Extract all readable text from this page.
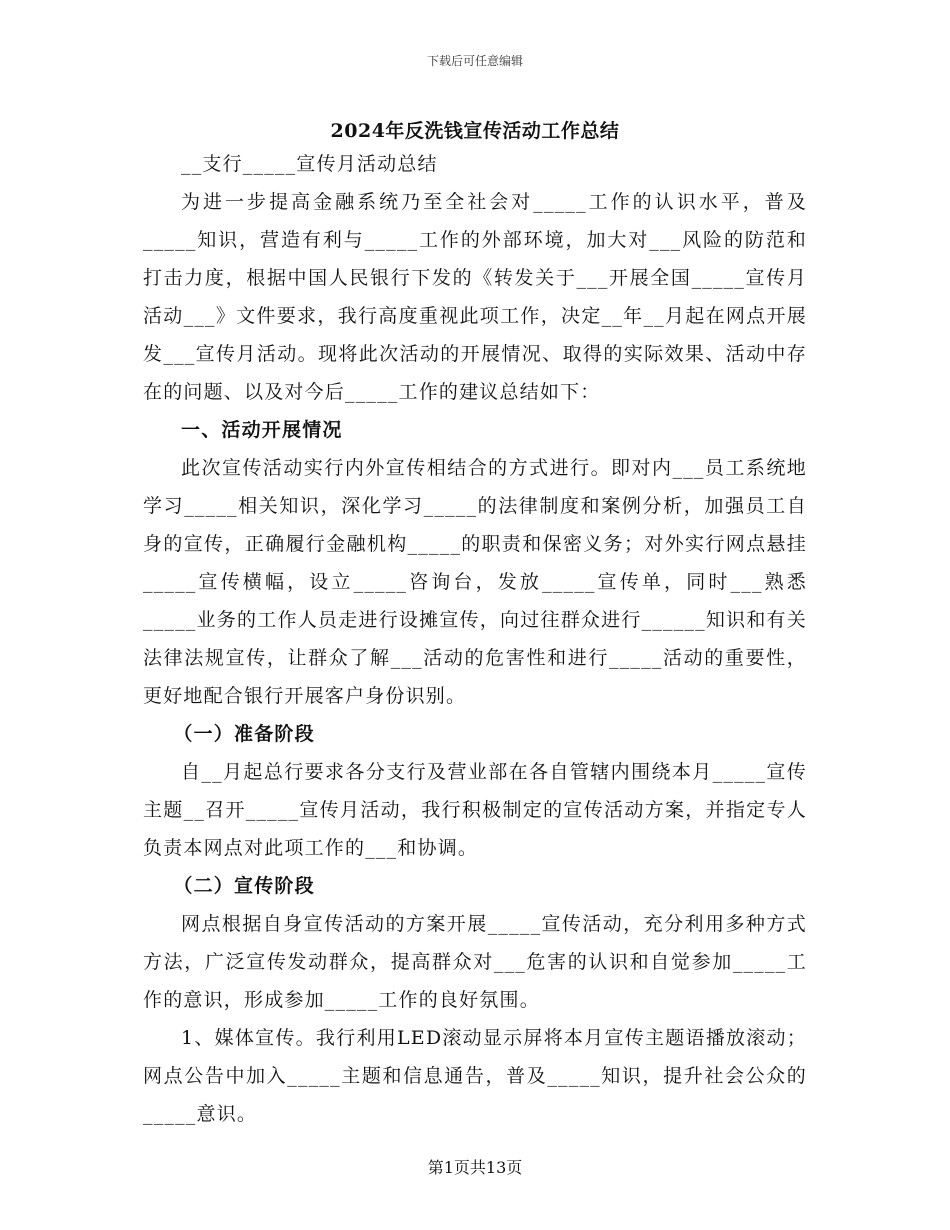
下载后可任意编辑
2024年反洗钱宣传活动工作总结

__支行_____宣传月活动总结

为进一步提高金融系统乃至全社会对_____工作的认识水平，普及_____知识，营造有利与_____工作的外部环境，加大对___风险的防范和打击力度，根据中国人民银行下发的《转发关于___开展全国_____宣传月活动___》文件要求，我行高度重视此项工作，决定__年__月起在网点开展发___宣传月活动。现将此次活动的开展情况、取得的实际效果、活动中存在的问题、以及对今后_____工作的建议总结如下：

一、活动开展情况

此次宣传活动实行内外宣传相结合的方式进行。即对内___员工系统地学习_____相关知识，深化学习_____的法律制度和案例分析，加强员工自身的宣传，正确履行金融机构_____的职责和保密义务；对外实行网点悬挂_____宣传横幅，设立_____咨询台，发放_____宣传单，同时___熟悉_____业务的工作人员走进行设摊宣传，向过往群众进行______知识和有关法律法规宣传，让群众了解___活动的危害性和进行_____活动的重要性，更好地配合银行开展客户身份识别。

（一）准备阶段

自__月起总行要求各分支行及营业部在各自管辖内围绕本月_____宣传主题__召开_____宣传月活动，我行积极制定的宣传活动方案，并指定专人负责本网点对此项工作的___和协调。

（二）宣传阶段

网点根据自身宣传活动的方案开展_____宣传活动，充分利用多种方式方法，广泛宣传发动群众，提高群众对___危害的认识和自觉参加_____工作的意识，形成参加_____工作的良好氛围。

1、媒体宣传。我行利用LED滚动显示屏将本月宣传主题语播放滚动；网点公告中加入_____主题和信息通告，普及_____知识，提升社会公众的_____意识。

第1页共13页
